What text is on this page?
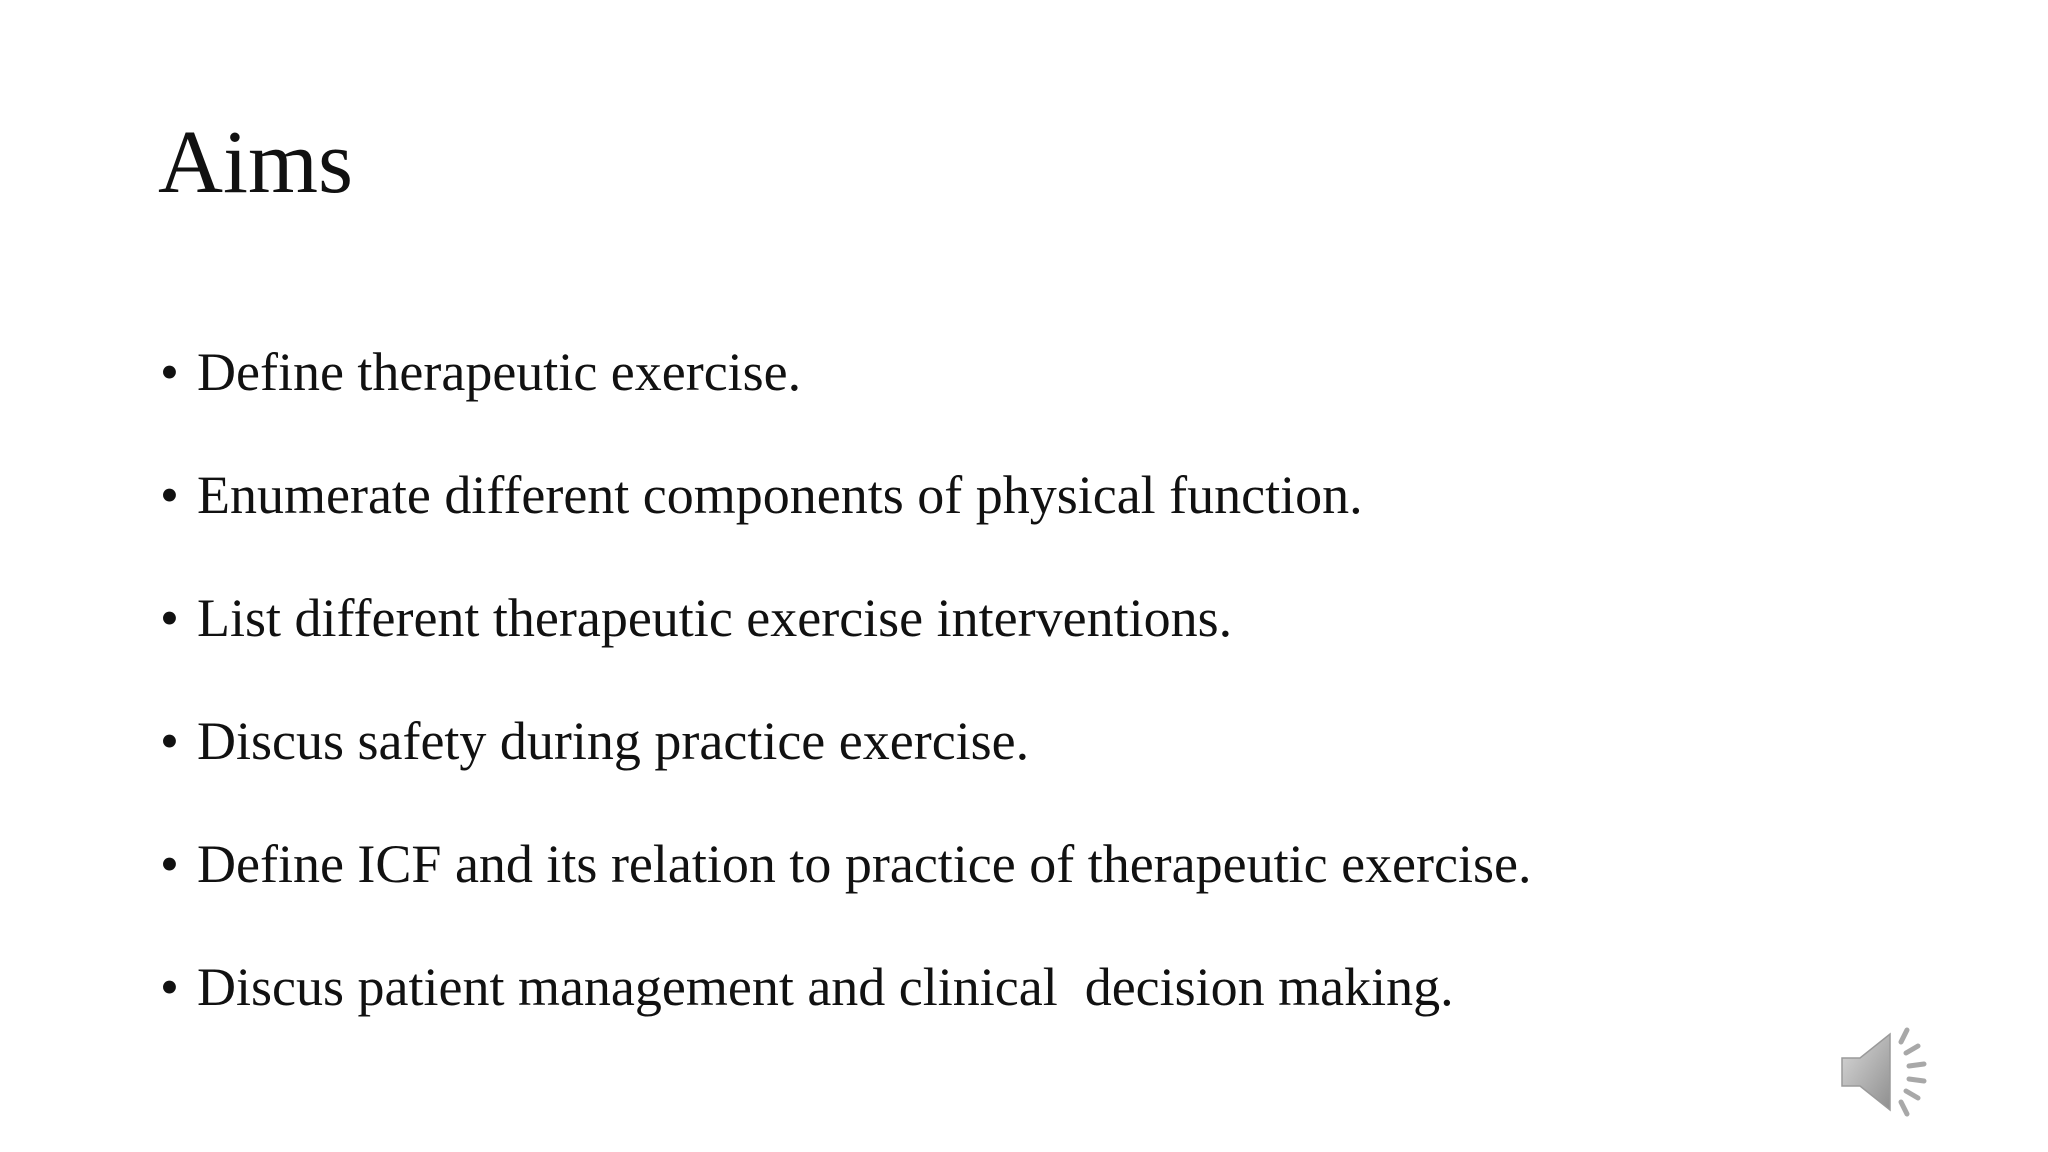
Aims
• Define therapeutic exercise.
• Enumerate different components of physical function.
• List different therapeutic exercise interventions.
• Discus safety during practice exercise.
• Define ICF and its relation to practice of therapeutic exercise.
• Discus patient management and clinical  decision making.
